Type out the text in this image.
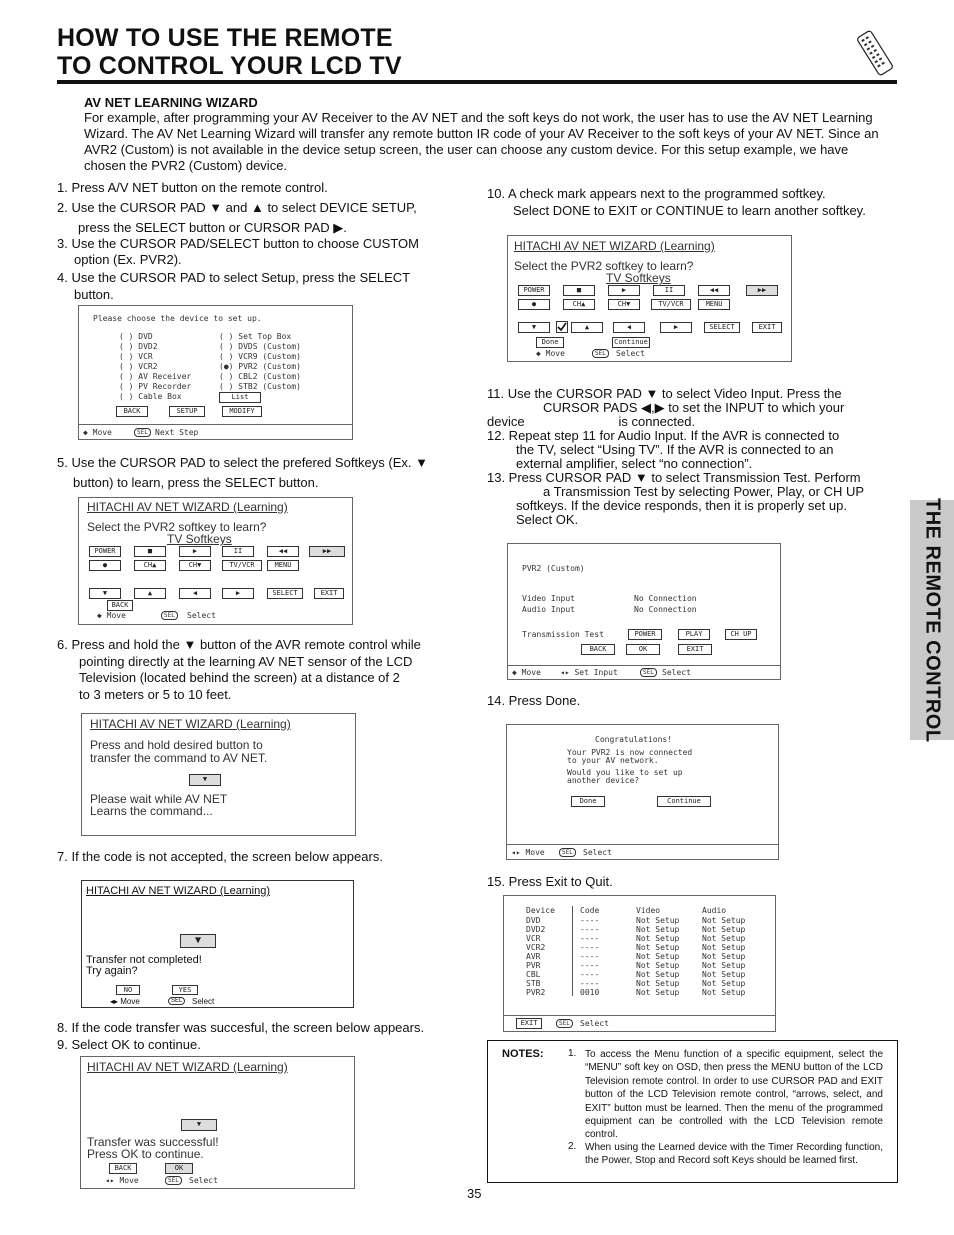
HOW TO USE THE REMOTE
TO CONTROL YOUR LCD TV
THE REMOTE CONTROL
AV NET LEARNING WIZARD
For example, after programming your AV Receiver to the AV NET and the soft keys do not work, the user has to use the AV NET Learning Wizard. The AV Net Learning Wizard will transfer any remote button IR code of your AV Receiver to the soft keys of your AV NET. Since an AVR2 (Custom) is not available in the device setup screen, the user can choose any custom device. For this setup example, we have chosen the PVR2 (Custom) device.
1. Press A/V NET button on the remote control.
2. Use the CURSOR PAD ▼ and ▲ to select DEVICE SETUP,
press the SELECT button or CURSOR PAD ▶.
3. Use the CURSOR PAD/SELECT button to choose CUSTOM
option (Ex. PVR2).
4. Use the CURSOR PAD to select Setup, press the SELECT
button.
Please choose the device to set up.
( ) DVD
( ) DVD2
( ) VCR
( ) VCR2
( ) AV Receiver
( ) PV Recorder
( ) Cable Box
( ) Set Top Box
( ) DVDS (Custom)
( ) VCR9 (Custom)
(●) PVR2 (Custom)
( ) CBL2 (Custom)
( ) STB2 (Custom)
List
BACK	SETUP	MODIFY
◆ Move	SEL Next Step
5. Use the CURSOR PAD to select the prefered Softkeys (Ex. ▼
button) to learn, press the SELECT button.
HITACHI AV NET WIZARD (Learning)
Select the PVR2 softkey to learn?
TV Softkeys
POWER	■	▶	II	◀◀	▶▶
●	CH▲	CH▼	TV/VCR	MENU
▼	▲	◀	▶	SELECT	EXIT
BACK
◆ Move	SEL	Select
6. Press and hold the ▼ button of the AVR remote control while
pointing directly at the learning AV NET sensor of the LCD
Television (located behind the screen) at a distance of 2
to 3 meters or 5 to 10 feet.
HITACHI AV NET WIZARD (Learning)
Press and hold desired button to
transfer the command to AV NET.
▼
Please wait while AV NET
Learns the command...
7. If the code is not accepted, the screen below appears.
HITACHI AV NET WIZARD (Learning)
▼
Transfer not completed!
Try again?
NO	YES
◂▸ Move	SEL	Select
8. If the code transfer was succesful, the screen below appears.
9. Select OK to continue.
HITACHI AV NET WIZARD (Learning)
▼
Transfer was successful!
Press OK to continue.
BACK	OK
◂▸ Move	SEL	Select
10. A check mark appears next to the programmed softkey.
Select DONE to EXIT or CONTINUE to learn another softkey.
HITACHI AV NET WIZARD (Learning)
Select the PVR2 softkey to learn?
TV Softkeys
POWER	■	▶	II	◀◀	▶▶
●	CH▲	CH▼	TV/VCR	MENU
▼	▲	◀	▶	SELECT	EXIT
Done	Continue
◆ Move	SEL	Select
11. Use the CURSOR PAD ▼ to select Video Input. Press the
CURSOR PADS ◀,▶ to set the INPUT to which your
device                          is connected.
12. Repeat step 11 for Audio Input. If the AVR is connected to
the TV, select “Using TV”. If the AVR is connected to an
external amplifier, select “no connection”.
13. Press CURSOR PAD ▼ to select Transmission Test. Perform
a Transmission Test by selecting Power, Play, or CH UP
softkeys. If the device responds, then it is properly set up.
Select OK.
PVR2 (Custom)
Video Input	No Connection
Audio Input	No Connection
Transmission Test	POWER	PLAY	CH UP
BACK	OK	EXIT
◆ Move ◂▸ Set Input	SEL	Select
14. Press Done.
Congratulations!
Your PVR2 is now connected
to your AV network.
Would you like to set up
another device?
Done	Continue
◂▸ Move	SEL	Select
15. Press Exit to Quit.
Device	Code	Video	Audio
DVD	----	Not Setup	Not Setup
DVD2	----	Not Setup	Not Setup
VCR	----	Not Setup	Not Setup
VCR2	----	Not Setup	Not Setup
AVR	----	Not Setup	Not Setup
PVR	----	Not Setup	Not Setup
CBL	----	Not Setup	Not Setup
STB	----	Not Setup	Not Setup
PVR2	0010	Not Setup	Not Setup
EXIT	SEL	Select
NOTES: 1. To access the Menu function of a specific equipment, select the “MENU” soft key on OSD, then press the MENU button of the LCD Television remote control. In order to use CURSOR PAD and EXIT button of the LCD Television remote control, “arrows, select, and EXIT” button must be learned. Then the menu of the programmed equipment can be controlled with the LCD Television remote control.
2. When using the Learned device with the Timer Recording function, the Power, Stop and Record soft Keys should be learned first.
35
